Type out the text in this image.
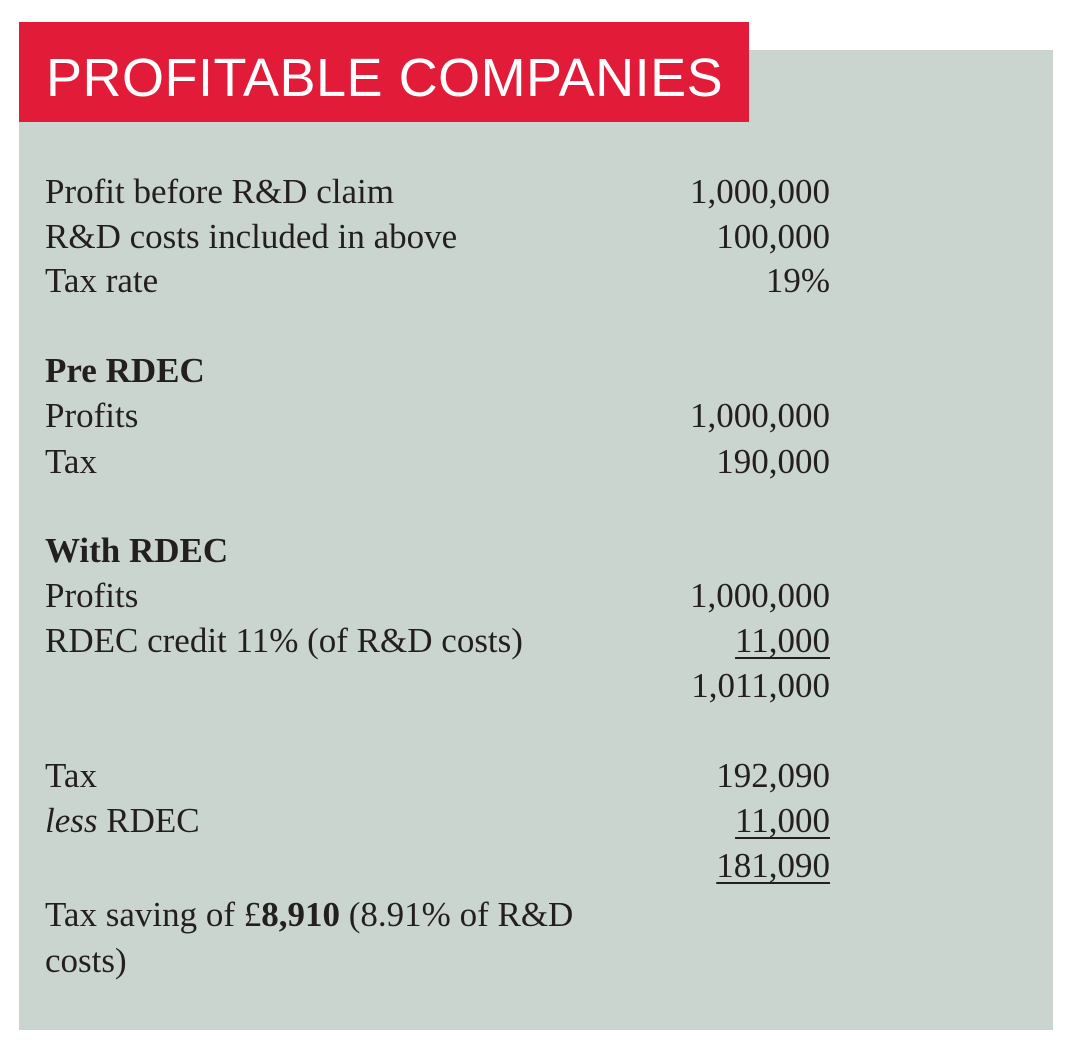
PROFITABLE COMPANIES
Profit before R&D claim	1,000,000
R&D costs included in above	100,000
Tax rate	19%
Pre RDEC
Profits	1,000,000
Tax	190,000
With RDEC
Profits	1,000,000
RDEC credit 11% (of R&D costs)	11,000
1,011,000
Tax	192,090
less RDEC	11,000
181,090
Tax saving of £8,910 (8.91% of R&D costs)
